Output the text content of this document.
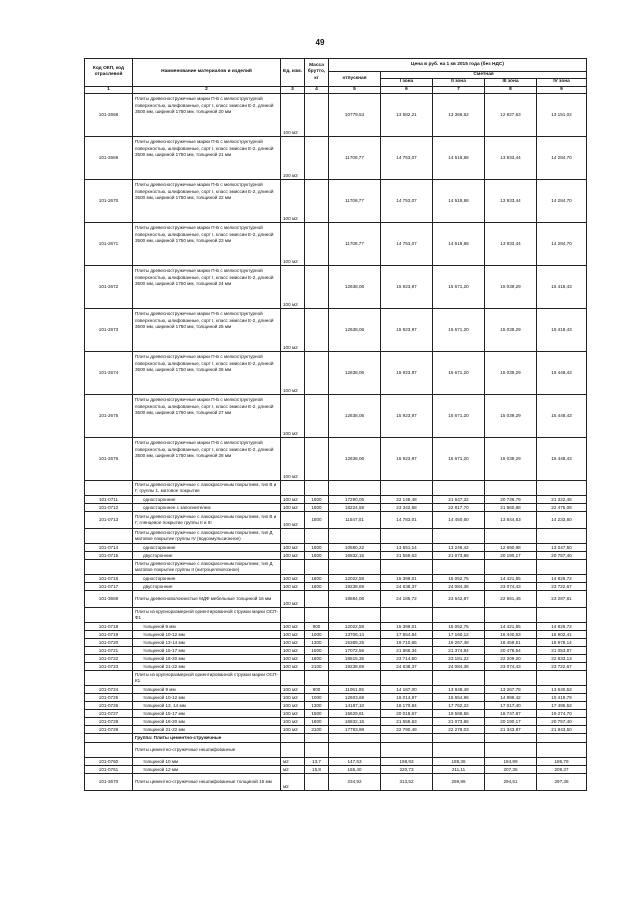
49
Код ОКП, код отраслевой	Наименование материалов и изделий	Ед. изм.	Масса брутто, кг	Цена в руб. на 1 кв 2015 года (без НДС)				
				отпускная	Сметная			
					I зона	II зона	III зона	IV зона
1	2	3	4	5	6	7	8	9
101-2668	Плиты древесностружечные марки П-Б с мелкоструктурной поверхностью, шлифованные, сорт I, класс эмиссии Е-2, длиной 3500 мм, шириной 1750 мм, толщиной 20 мм	100 м2		10779,53	13 582,21	13 366,62	12 827,63	13 151,02
101-2669	Плиты древесностружечные марки П-Б с мелкоструктурной поверхностью, шлифованные, сорт I, класс эмиссии Е-2, длиной 3500 мм, шириной 1750 мм, толщиной 21 мм	100 м2		11708,77	14 753,07	14 518,88	13 933,44	14 284,70
101-2670	Плиты древесностружечные марки П-Б с мелкоструктурной поверхностью, шлифованные, сорт I, класс эмиссии Е-2, длиной 3500 мм, шириной 1750 мм, толщиной 22 мм	100 м2		11708,77	14 753,07	14 518,88	13 933,44	14 284,70
101-2671	Плиты древесностружечные марки П-Б с мелкоструктурной поверхностью, шлифованные, сорт I, класс эмиссии Е-2, длиной 3500 мм, шириной 1750 мм, толщиной 23 мм	100 м2		11708,77	14 753,07	14 518,88	13 933,44	14 284,70
101-2672	Плиты древесностружечные марки П-Б с мелкоструктурной поверхностью, шлифованные, сорт I, класс эмиссии Е-2, длиной 3500 мм, шириной 1750 мм, толщиной 24 мм	100 м2		12638,06	15 923,97	15 671,20	15 039,29	15 418,43
101-2673	Плиты древесностружечные марки П-Б с мелкоструктурной поверхностью, шлифованные, сорт I, класс эмиссии Е-2, длиной 3500 мм, шириной 1750 мм, толщиной 25 мм	100 м2		12638,06	15 923,97	15 671,20	15 039,29	15 418,43
101-2674	Плиты древесностружечные марки П-Б с мелкоструктурной поверхностью, шлифованные, сорт I, класс эмиссии Е-2, длиной 3500 мм, шириной 1750 мм, толщиной 26 мм	100 м2		12638,06	15 923,97	15 671,20	15 039,29	15 448,43
101-2675	Плиты древесностружечные марки П-Б с мелкоструктурной поверхностью, шлифованные, сорт I, класс эмиссии Е-2, длиной 3500 мм, шириной 1750 мм, толщиной 27 мм	100 м2		12638,06	15 923,97	15 671,20	15 039,29	15 448,43
101-2676	Плиты древесностружечные марки П-Б с мелкоструктурной поверхностью, шлифованные, сорт I, класс эмиссии Е-2, длиной 3500 мм, шириной 1750 мм, толщиной 28 мм	100 м2		12638,06	15 923,97	15 671,20	15 039,29	15 448,43
	Плиты древесностружечные с лакокрасочным покрытием, тип В и Г, группы 1, матовое покрытие							
101-0711	односторонние	100 м2	1800	17290,05	22 148,48	21 647,32	20 736,79	21 322,46
101-0712	одностороннее с заполнителем	100 м2	1800	18224,59	23 342,58	22 817,70	21 860,88	22 475,08
101-0713	Плиты древесностружечные с лакокрасочным покрытием, тип В и Г, глянцевое покрытие группы II и III	100 м2	1800	11547,01	14 783,01	14 450,60	13 844,63	14 233,60
	Плиты древесностружечные с лакокрасочным покрытием, тип Д матовое покрытие группы IV (водоэмульсионное)							
101-0714	односторонние	100 м2	1800	10580,22	13 551,14	13 246,42	12 690,98	13 047,50
101-0715	двусторонние	100 м2	1800	16832,15	21 559,63	21 073,88	20 190,17	20 757,40
	Плиты древесностружечные с лакокрасочным покрытием, тип Д матовое покрытие группы II (нитроцеллюлозное)							
101-0716	односторонние	100 м2	1800	12022,58	15 399,01	15 052,75	14 421,55	14 826,72
101-0717	двусторонние	100 м2	1800	19238,69	24 638,37	24 084,36	23 074,43	23 722,67
101-3669	Плиты древесноволокнистые МДФ мебельные толщиной 16 мм	100 м2		18884,06	24 186,72	23 642,87	22 651,46	23 287,81
	Плиты из крупноразмерной ориентированной стружки марки ОСП-Ф1							
101-0718	толщиной 9 мм	100 м2	900	12022,58	15 399,01	15 052,75	14 421,55	14 826,72
101-0719	толщиной 10-12 мм	100 м2	1000	13706,14	17 554,84	17 160,12	16 440,53	16 902,41
101-0720	толщиной 13-14 мм	100 м2	1300	15389,25	19 710,66	19 267,48	18 459,51	18 978,14
101-0721	толщиной 15-17 мм	100 м2	1500	17072,56	21 866,34	21 374,84	20 478,54	21 053,87
101-0722	толщиной 18-20 мм	100 м2	1800	18515,36	23 714,60	23 181,22	22 209,20	22 833,13
101-0723	толщиной 21-22 мм	100 м2	2100	19238,69	24 638,37	24 084,36	23 074,43	23 722,67
	Плиты из крупноразмерной ориентированной стружки марки ОСП-К1							
101-0724	толщиной 9 мм	100 м2	900	11061,06	14 167,00	13 848,49	13 267,78	13 640,53
101-0725	толщиной 10-12 мм	100 м2	1000	12603,69	16 014,97	15 654,96	14 998,42	15 419,79
101-0726	толщиной 13, 14 мм	100 м2	1300	14187,10	18 170,84	17 762,22	17 017,40	17 495,53
101-0727	толщиной 15-17 мм	100 м2	1500	15629,81	20 018,67	19 568,56	18 747,87	19 274,70
101-0728	толщиной 18-20 мм	100 м2	1800	16832,15	21 558,63	21 073,86	20 190,17	20 757,40
101-0729	толщиной 21-22 мм	100 м2	2100	17793,98	22 790,49	22 278,03	21 343,87	21 943,50
	Группа: Плиты цементно-стружечные							
	Плиты цементно-стружечные нешлифованные							
101-0760	толщиной 10 мм	м2	13,7	147,53	198,93	188,36	184,99	186,79
101-0761	толщиной 12 мм	м2	15,8	165,40	220,73	211,11	207,35	209,37
101-3670	Плиты цементно-стружечные нешлифованные толщиной 16 мм	м2		234,92	313,52	299,86	294,51	297,38
